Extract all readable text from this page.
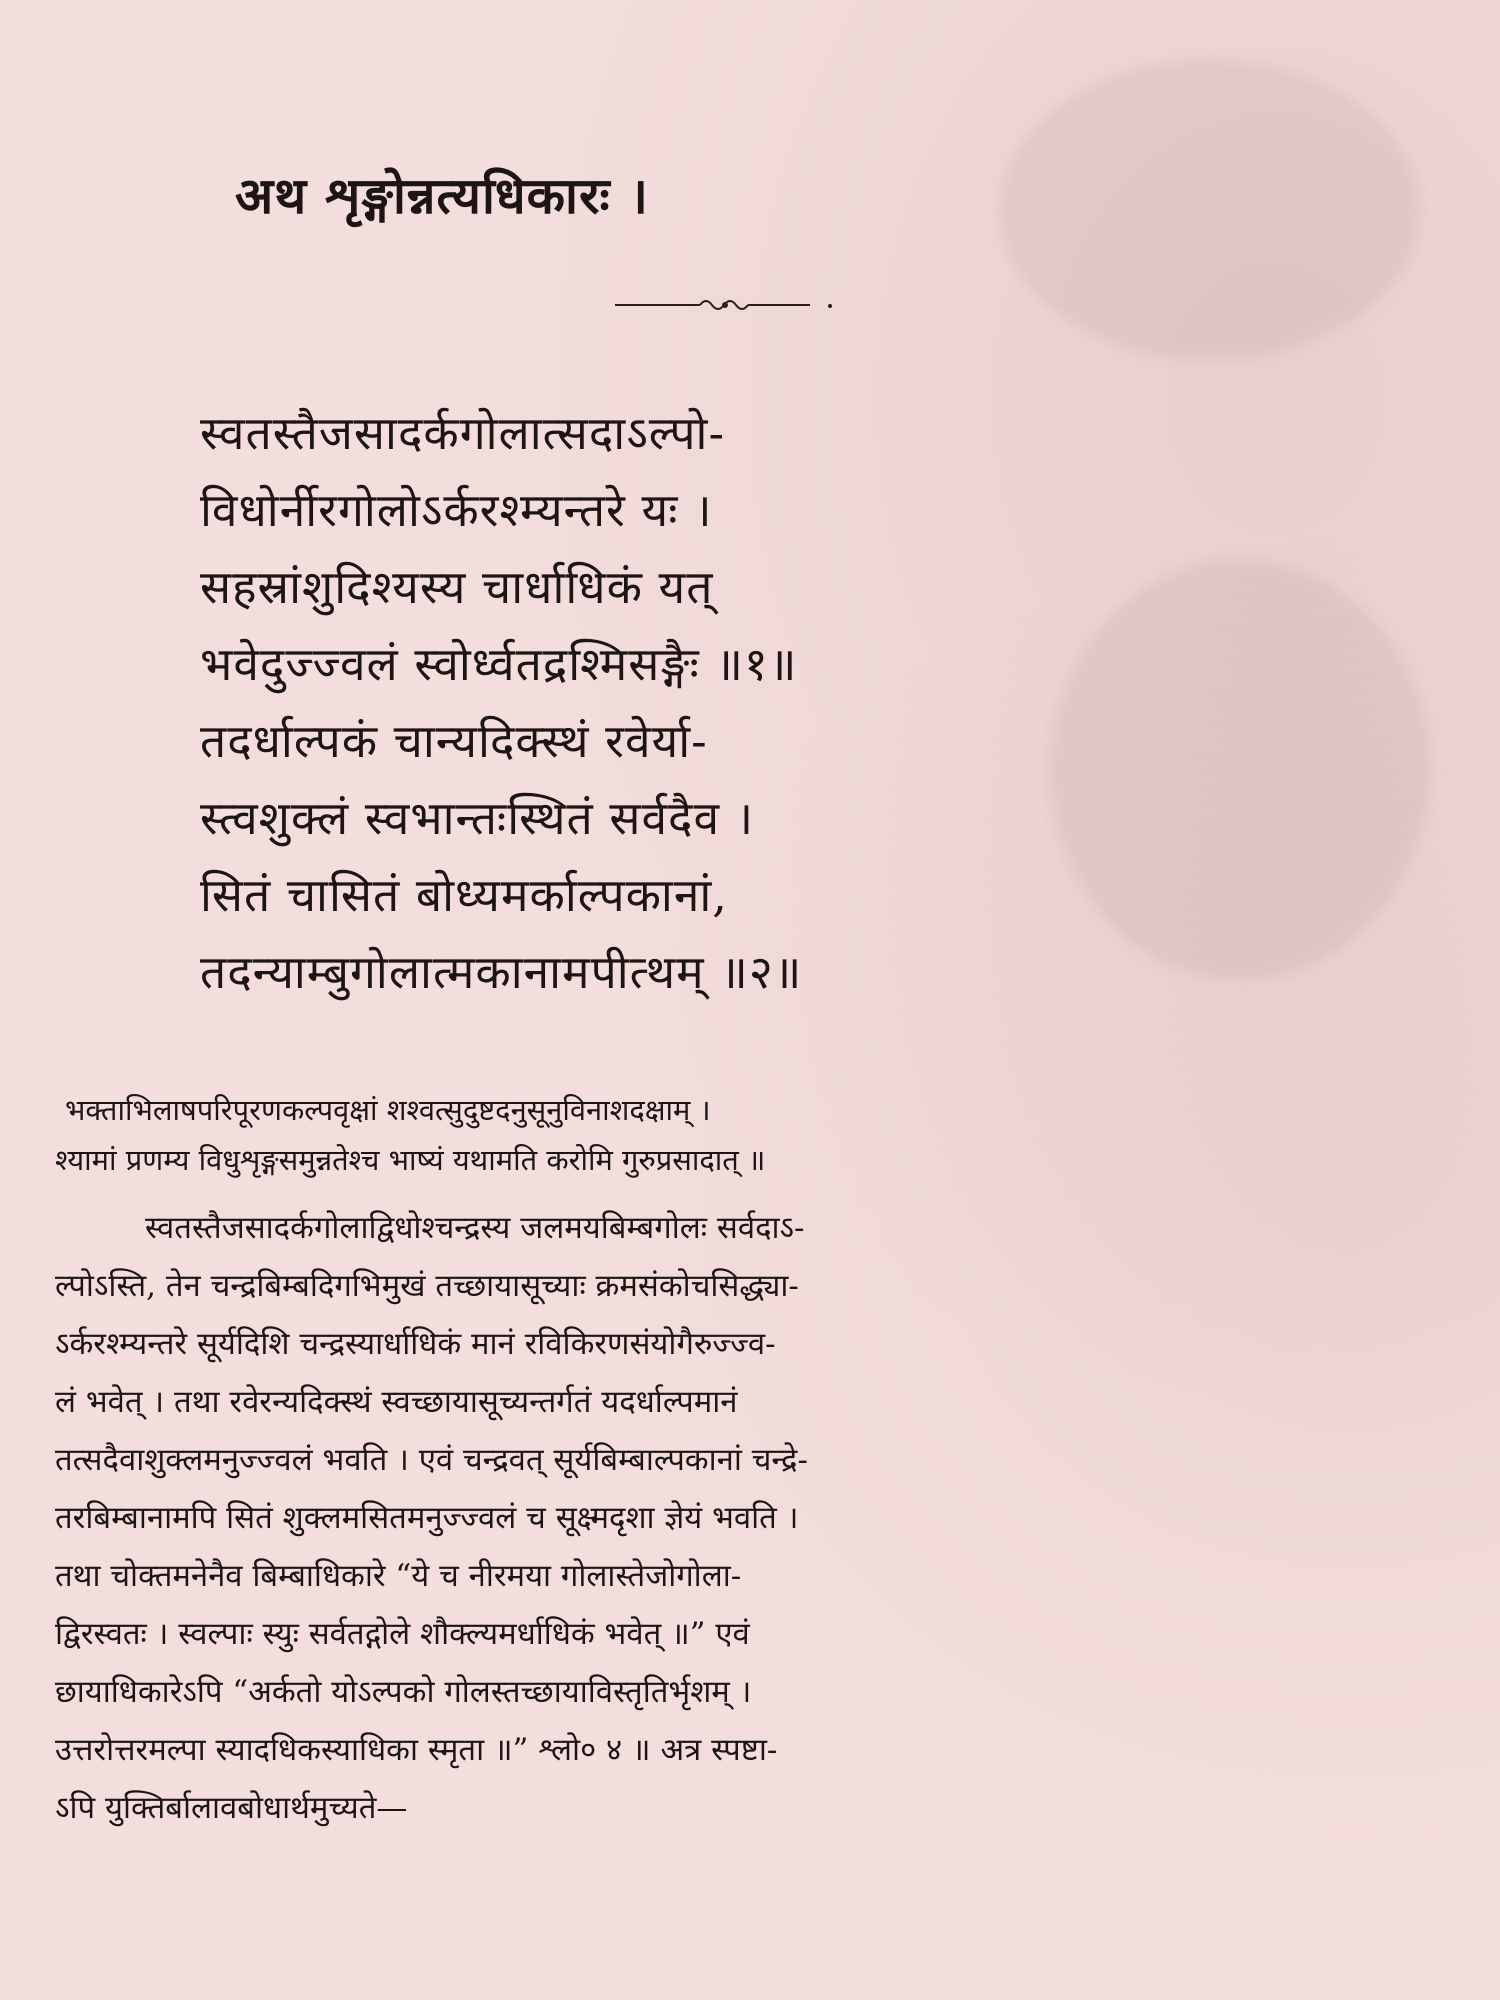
अथ शृङ्गोन्नत्यधिकारः ।
स्वतस्तैजसादर्कगोलात्सदाऽल्पो-
विधोर्नीरगोलोऽर्करश्म्यन्तरे यः ।
सहस्रांशुदिश्यस्य चार्धाधिकं यत्
भवेदुज्ज्वलं स्वोर्ध्वतद्रश्मिसङ्गैः ॥१॥
तदर्धाल्पकं चान्यदिक्स्थं रवेर्या-
स्त्वशुक्लं स्वभान्तःस्थितं सर्वदैव ।
सितं चासितं बोध्यमर्काल्पकानां,
तदन्याम्बुगोलात्मकानामपीत्थम् ॥२॥
भक्ताभिलाषपरिपूरणकल्पवृक्षां शश्वत्सुदुष्टदनुसूनुविनाशदक्षाम् ।
श्यामां प्रणम्य विधुशृङ्गसमुन्नतेश्च भाष्यं यथामति करोमि गुरुप्रसादात् ॥
स्वतस्तैजसादर्कगोलाद्विधोश्चन्द्रस्य जलमयबिम्बगोलः सर्वदाऽ-
ल्पोऽस्ति, तेन चन्द्रबिम्बदिगभिमुखं तच्छायासूच्याः क्रमसंकोचसिद्ध्या-
ऽर्करश्म्यन्तरे सूर्यदिशि चन्द्रस्यार्धाधिकं मानं रविकिरणसंयोगैरुज्ज्व-
लं भवेत् । तथा रवेरन्यदिक्स्थं स्वच्छायासूच्यन्तर्गतं यदर्धाल्पमानं
तत्सदैवाशुक्लमनुज्ज्वलं भवति । एवं चन्द्रवत् सूर्यबिम्बाल्पकानां चन्द्रे-
तरबिम्बानामपि सितं शुक्लमसितमनुज्ज्वलं च सूक्ष्मदृशा ज्ञेयं भवति ।
तथा चोक्तमनेनैव बिम्बाधिकारे “ये च नीरमया गोलास्तेजोगोला-
द्विरस्वतः । स्वल्पाः स्युः सर्वतद्गोले शौक्ल्यमर्धाधिकं भवेत् ॥” एवं
छायाधिकारेऽपि “अर्कतो योऽल्पको गोलस्तच्छायाविस्तृतिर्भृशम् ।
उत्तरोत्तरमल्पा स्यादधिकस्याधिका स्मृता ॥” श्लो० ४ ॥ अत्र स्पष्टा-
ऽपि युक्तिर्बालावबोधार्थमुच्यते—
